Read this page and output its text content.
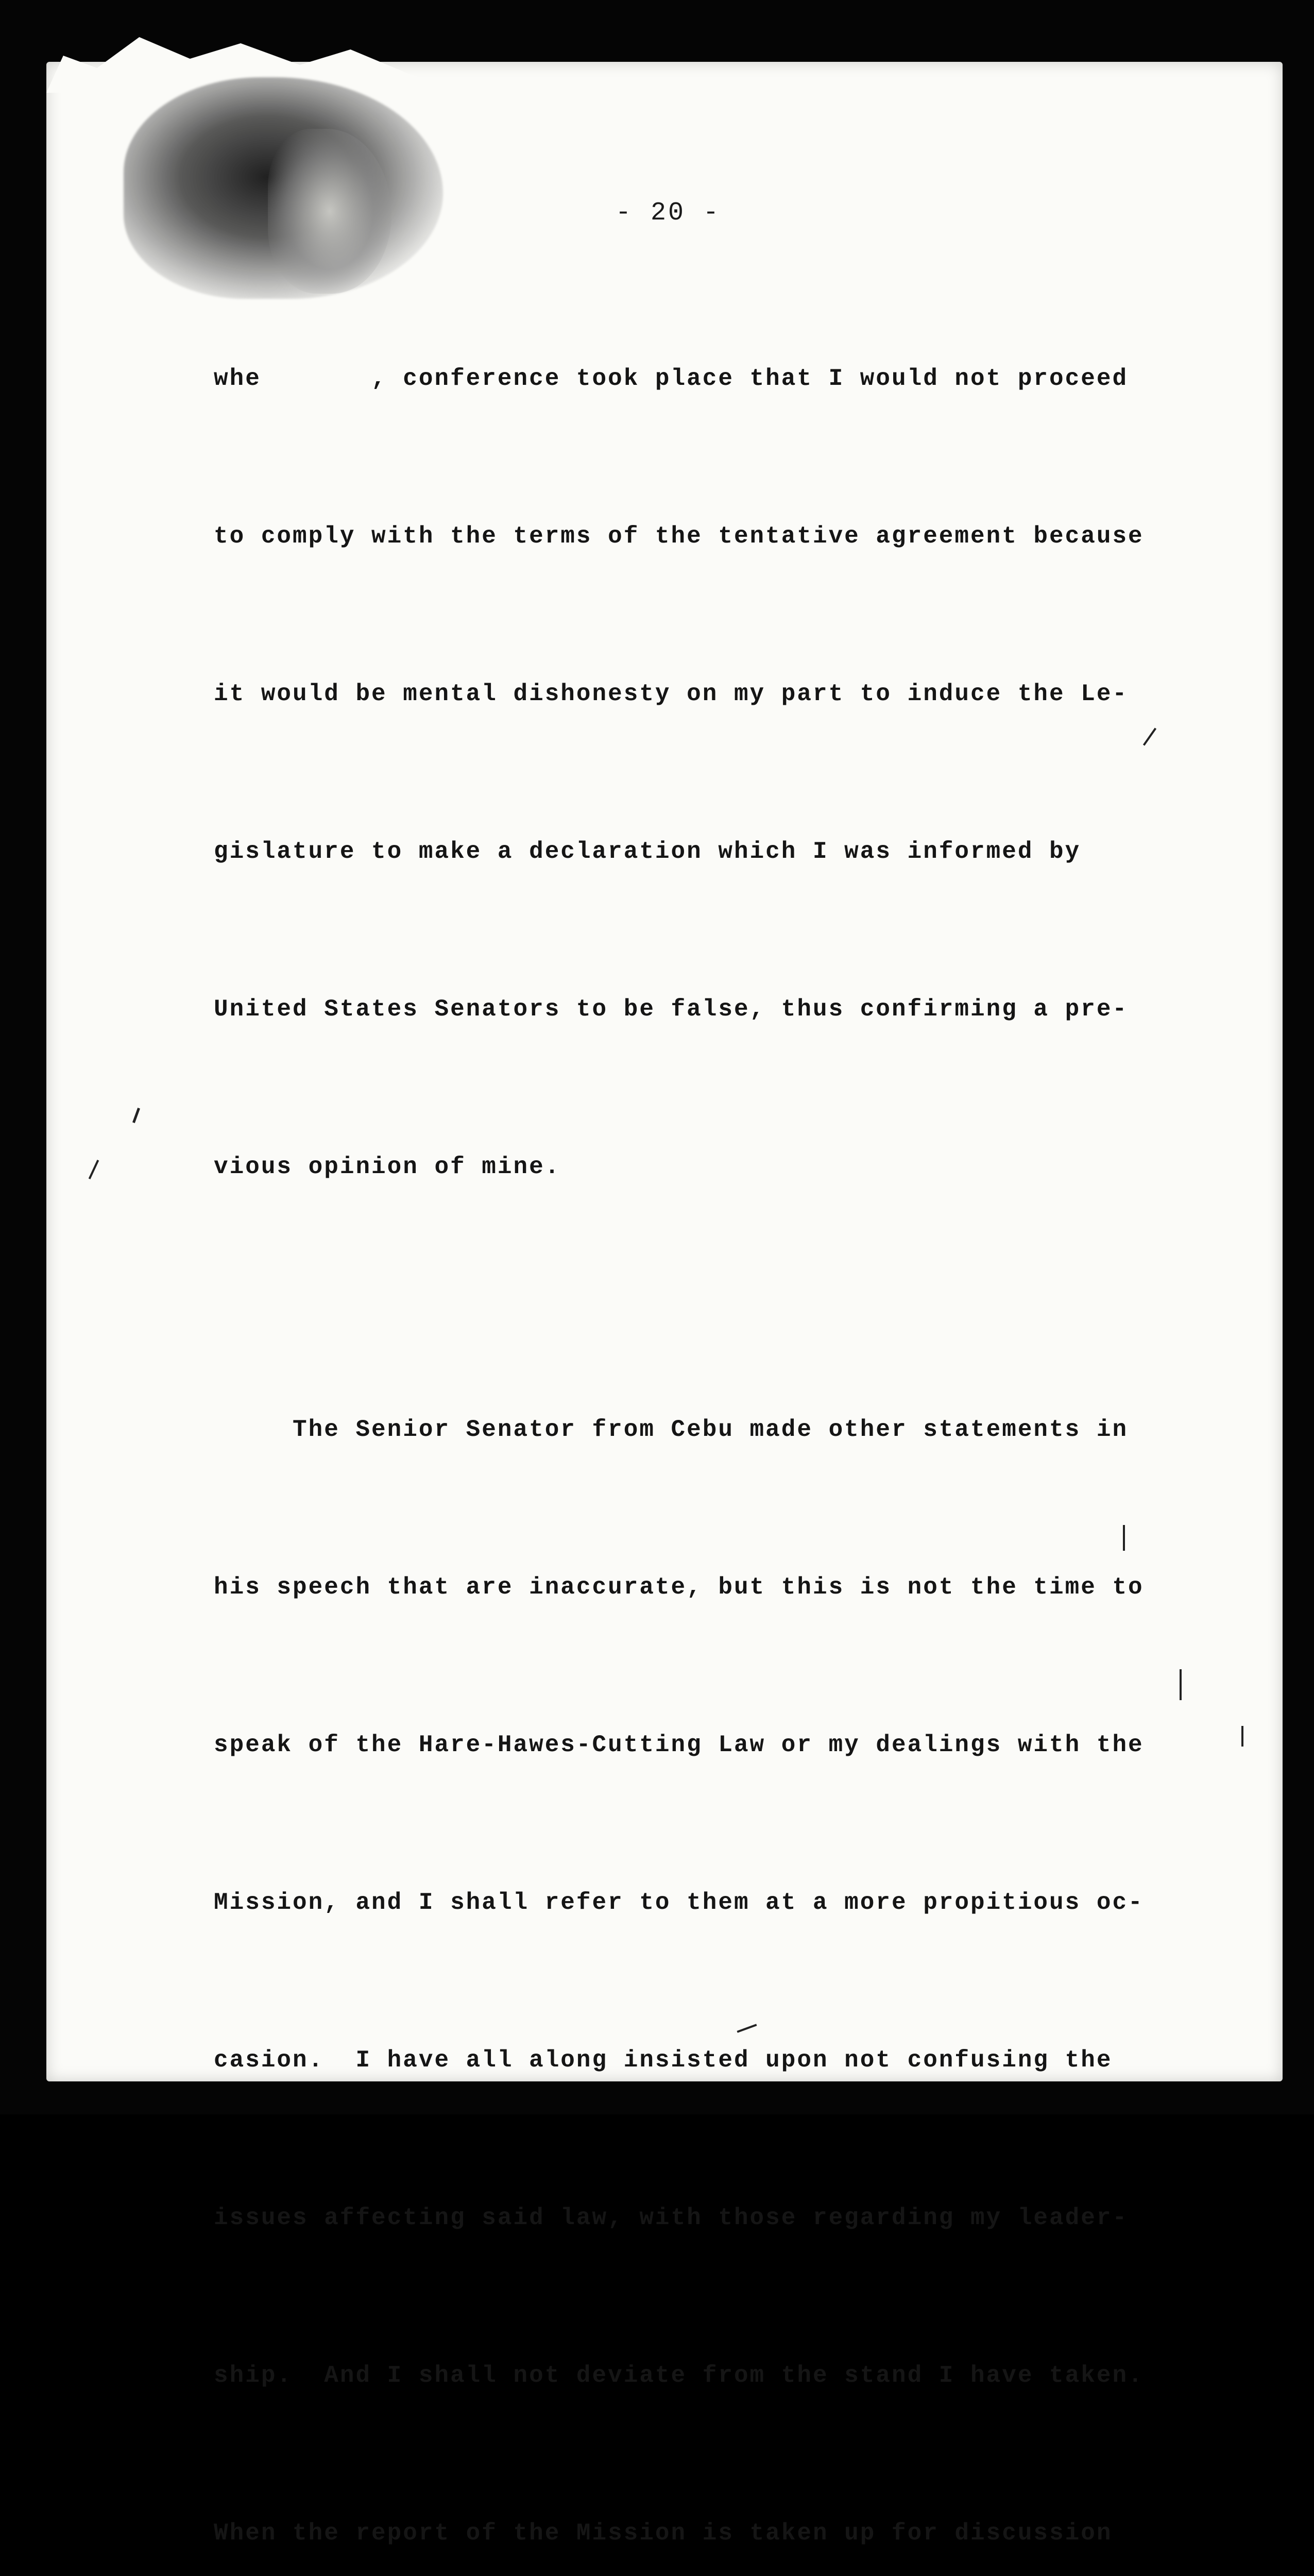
- 20 -

whe       , conference took place that I would not proceed

to comply with the terms of the tentative agreement because

it would be mental dishonesty on my part to induce the Le-

gislature to make a declaration which I was informed by

United States Senators to be false, thus confirming a pre-

vious opinion of mine.

The Senior Senator from Cebu made other statements in

his speech that are inaccurate, but this is not the time to

speak of the Hare-Hawes-Cutting Law or my dealings with the

Mission, and I shall refer to them at a more propitious oc-

casion.  I have all along insisted upon not confusing the

issues affecting said law, with those regarding my leader-

ship.  And I shall not deviate from the stand I have taken.

When the report of the Mission is taken up for discussion
